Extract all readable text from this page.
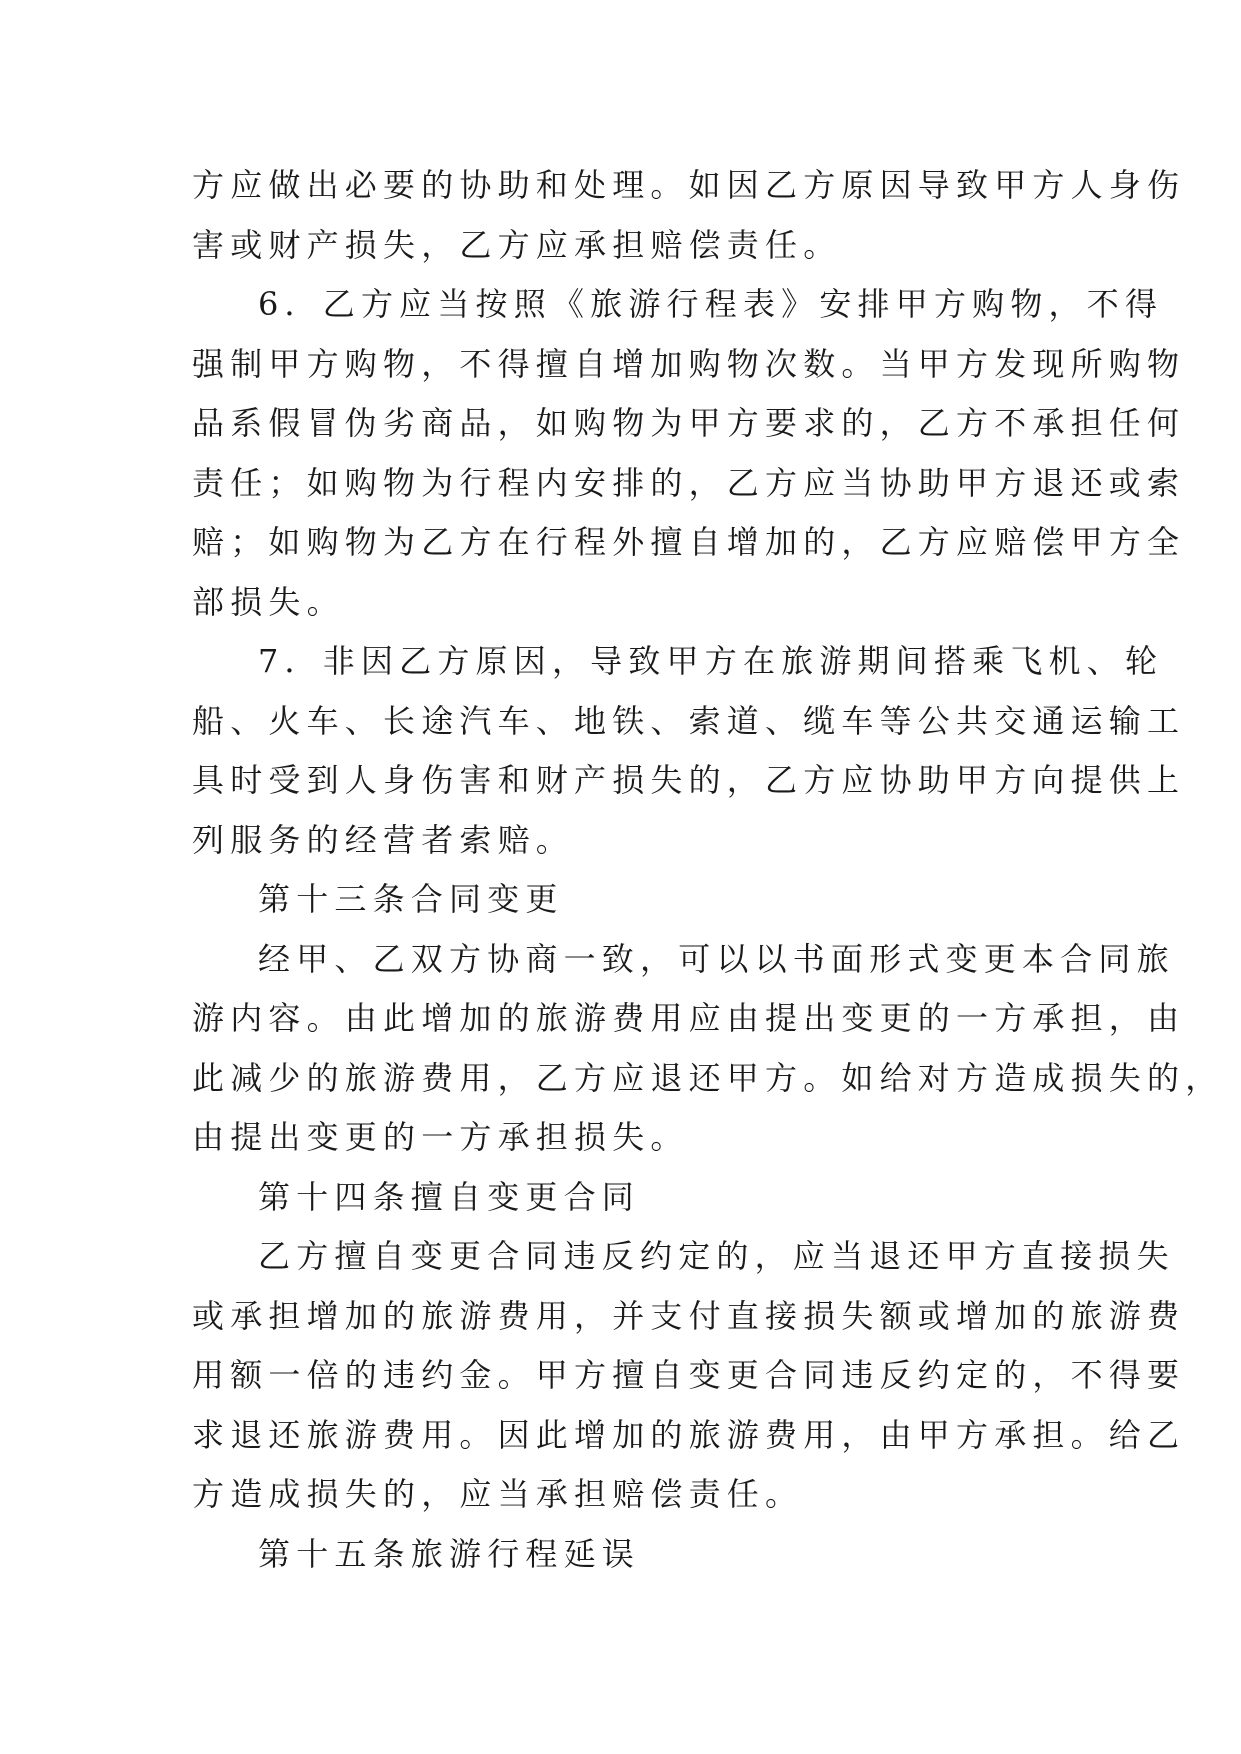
方应做出必要的协助和处理。如因乙方原因导致甲方人身伤
害或财产损失，乙方应承担赔偿责任。
6．乙方应当按照《旅游行程表》安排甲方购物，不得
强制甲方购物，不得擅自增加购物次数。当甲方发现所购物
品系假冒伪劣商品，如购物为甲方要求的，乙方不承担任何
责任；如购物为行程内安排的，乙方应当协助甲方退还或索
赔；如购物为乙方在行程外擅自增加的，乙方应赔偿甲方全
部损失。
7．非因乙方原因，导致甲方在旅游期间搭乘飞机、轮
船、火车、长途汽车、地铁、索道、缆车等公共交通运输工
具时受到人身伤害和财产损失的，乙方应协助甲方向提供上
列服务的经营者索赔。
第十三条合同变更
经甲、乙双方协商一致，可以以书面形式变更本合同旅
游内容。由此增加的旅游费用应由提出变更的一方承担，由
此减少的旅游费用，乙方应退还甲方。如给对方造成损失的，
由提出变更的一方承担损失。
第十四条擅自变更合同
乙方擅自变更合同违反约定的，应当退还甲方直接损失
或承担增加的旅游费用，并支付直接损失额或增加的旅游费
用额一倍的违约金。甲方擅自变更合同违反约定的，不得要
求退还旅游费用。因此增加的旅游费用，由甲方承担。给乙
方造成损失的，应当承担赔偿责任。
第十五条旅游行程延误
